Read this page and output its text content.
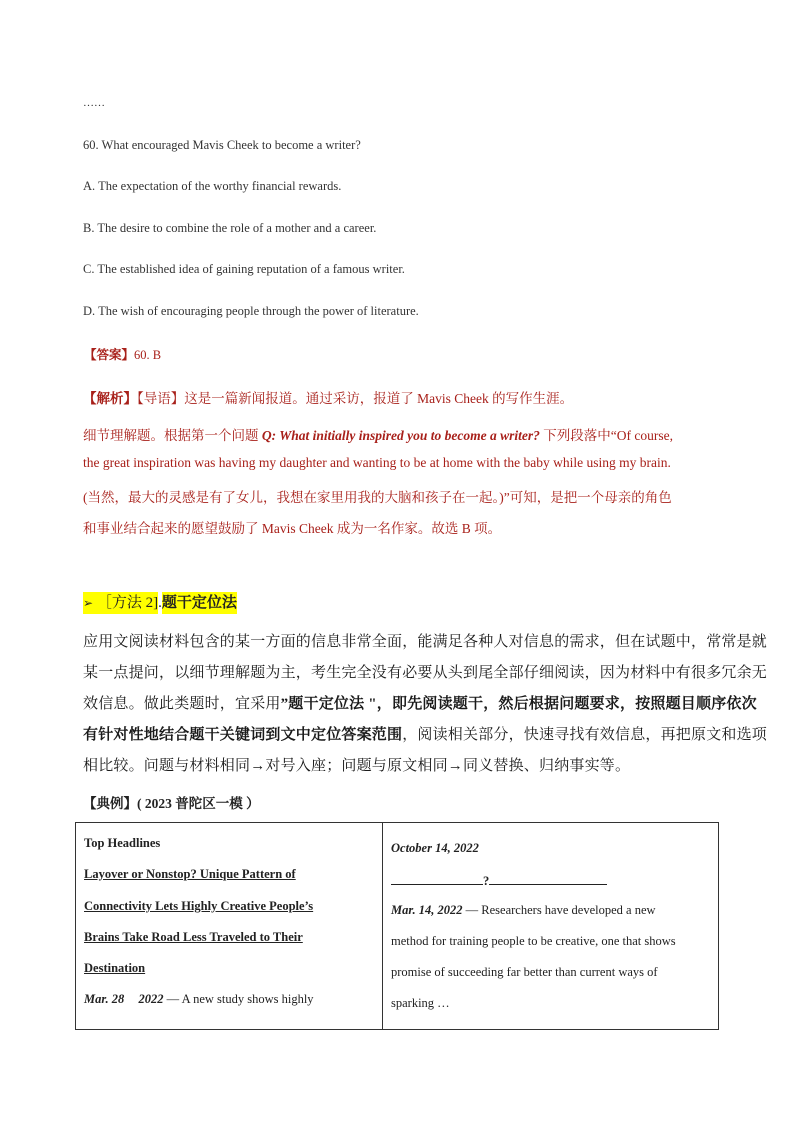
……
60. What encouraged Mavis Cheek to become a writer?
A. The expectation of the worthy financial rewards.
B. The desire to combine the role of a mother and a career.
C. The established idea of gaining reputation of a famous writer.
D. The wish of encouraging people through the power of literature.
【答案】60. B
【解析】【导语】这是一篇新闻报道。通过采访，报道了 Mavis Cheek 的写作生涯。
细节理解题。根据第一个问题 Q: What initially inspired you to become a writer? 下列段落中“Of course,
the great inspiration was having my daughter and wanting to be at home with the baby while using my brain.
(当然，最大的灵感是有了女儿，我想在家里用我的大脑和孩子在一起。)”可知，是把一个母亲的角色
和事业结合起来的愿望鼓励了 Mavis Cheek 成为一名作家。故选 B 项。
➢ ［方法 2].题干定位法
应用文阅读材料包含的某一方面的信息非常全面，能满足各种人对信息的需求，但在试题中，常常是就
某一点提问，以细节理解题为主，考生完全没有必要从头到尾全部仔细阅读，因为材料中有很多冗余无
效信息。做此类题时，宜采用”题干定位法 "，即先阅读题干，然后根据问题要求，按照题目顺序依次
有针对性地结合题干关键词到文中定位答案范围，阅读相关部分，快速寻找有效信息，再把原文和选项
相比较。问题与材料相同→对号入座；问题与原文相同→同义替换、归纳事实等。
【典例】( 2023 普陀区一模 ）
Top Headlines
Layover or Nonstop? Unique Pattern of
Connectivity Lets Highly Creative People’s
Brains Take Road Less Traveled to Their
Destination
Mar. 28 2022 — A new study shows highly

October 14, 2022
?
Mar. 14, 2022 — Researchers have developed a new
method for training people to be creative, one that shows
promise of succeeding far better than current ways of
sparking …
